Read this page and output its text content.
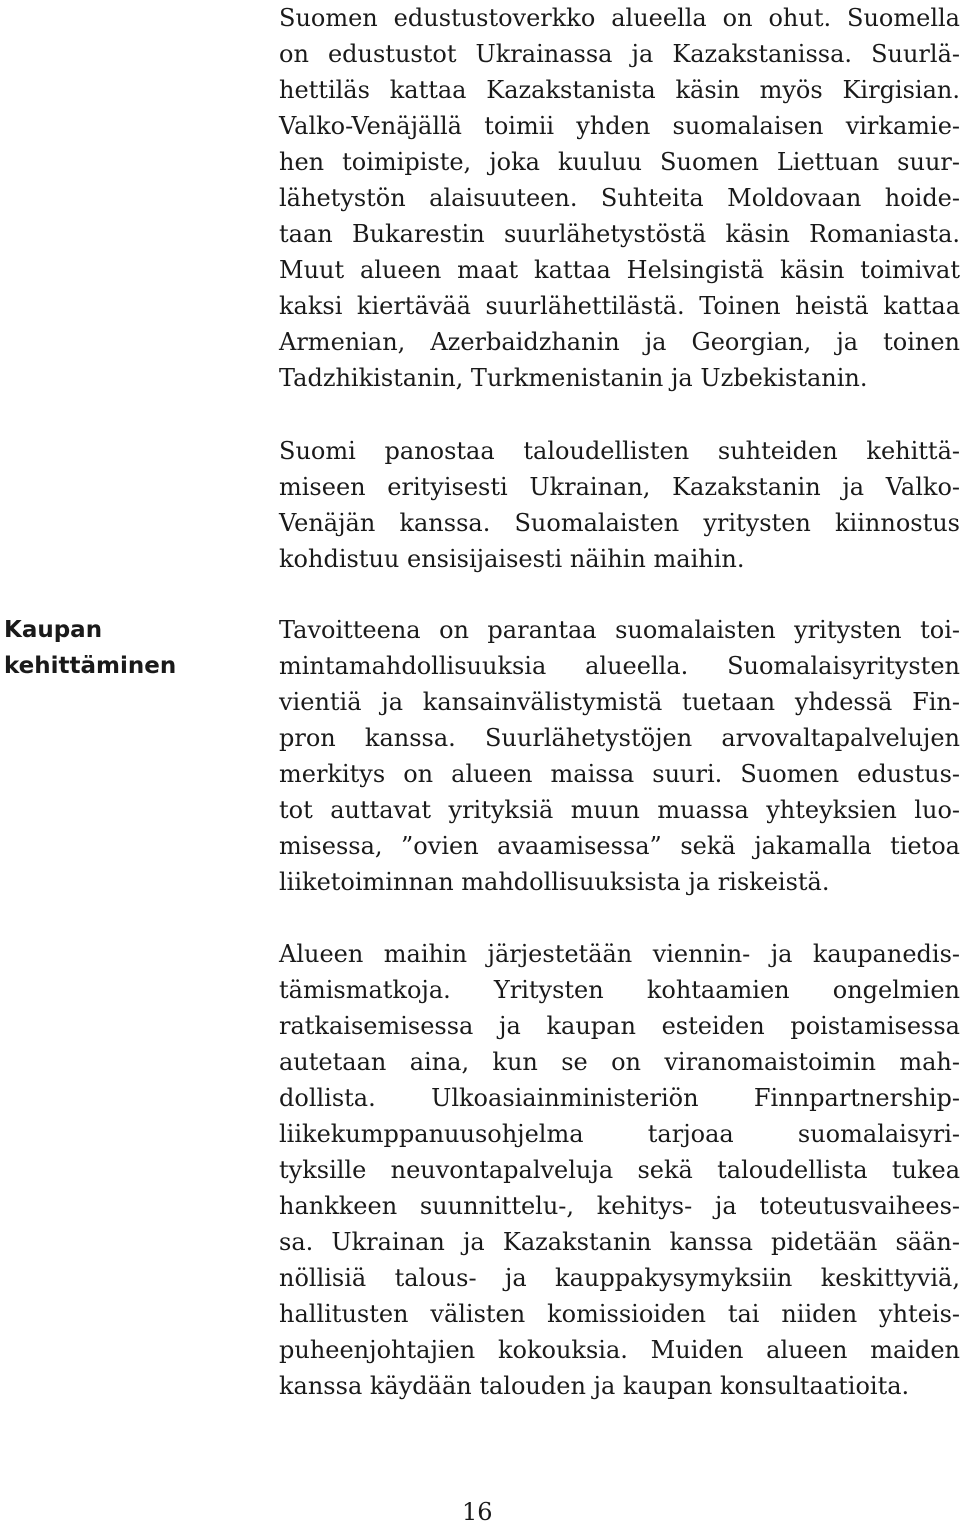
Kaupan
kehittäminen
Suomen edustustoverkko alueella on ohut. Suomella
on edustustot Ukrainassa ja Kazakstanissa. Suurlä-
hettiläs kattaa Kazakstanista käsin myös Kirgisian.
Valko-Venäjällä toimii yhden suomalaisen virkamie-
hen toimipiste, joka kuuluu Suomen Liettuan suur-
lähetystön alaisuuteen. Suhteita Moldovaan hoide-
taan Bukarestin suurlähetystöstä käsin Romaniasta.
Muut alueen maat kattaa Helsingistä käsin toimivat
kaksi kiertävää suurlähettilästä. Toinen heistä kattaa
Armenian, Azerbaidzhanin ja Georgian, ja toinen
Tadzhikistanin, Turkmenistanin ja Uzbekistanin.
Suomi panostaa taloudellisten suhteiden kehittä-
miseen erityisesti Ukrainan, Kazakstanin ja Valko-
Venäjän kanssa. Suomalaisten yritysten kiinnostus
kohdistuu ensisijaisesti näihin maihin.
Tavoitteena on parantaa suomalaisten yritysten toi-
mintamahdollisuuksia alueella. Suomalaisyritysten
vientiä ja kansainvälistymistä tuetaan yhdessä Fin-
pron kanssa. Suurlähetystöjen arvovaltapalvelujen
merkitys on alueen maissa suuri. Suomen edustus-
tot auttavat yrityksiä muun muassa yhteyksien luo-
misessa, ”ovien avaamisessa” sekä jakamalla tietoa
liiketoiminnan mahdollisuuksista ja riskeistä.
Alueen maihin järjestetään viennin- ja kaupanedis-
tämismatkoja. Yritysten kohtaamien ongelmien
ratkaisemisessa ja kaupan esteiden poistamisessa
autetaan aina, kun se on viranomaistoimin mah-
dollista. Ulkoasiainministeriön Finnpartnership-
liikekumppanuusohjelma tarjoaa suomalaisyri-
tyksille neuvontapalveluja sekä taloudellista tukea
hankkeen suunnittelu-, kehitys- ja toteutusvaihees-
sa. Ukrainan ja Kazakstanin kanssa pidetään sään-
nöllisiä talous- ja kauppakysymyksiin keskittyviä,
hallitusten välisten komissioiden tai niiden yhteis-
puheenjohtajien kokouksia. Muiden alueen maiden
kanssa käydään talouden ja kaupan konsultaatioita.
16
